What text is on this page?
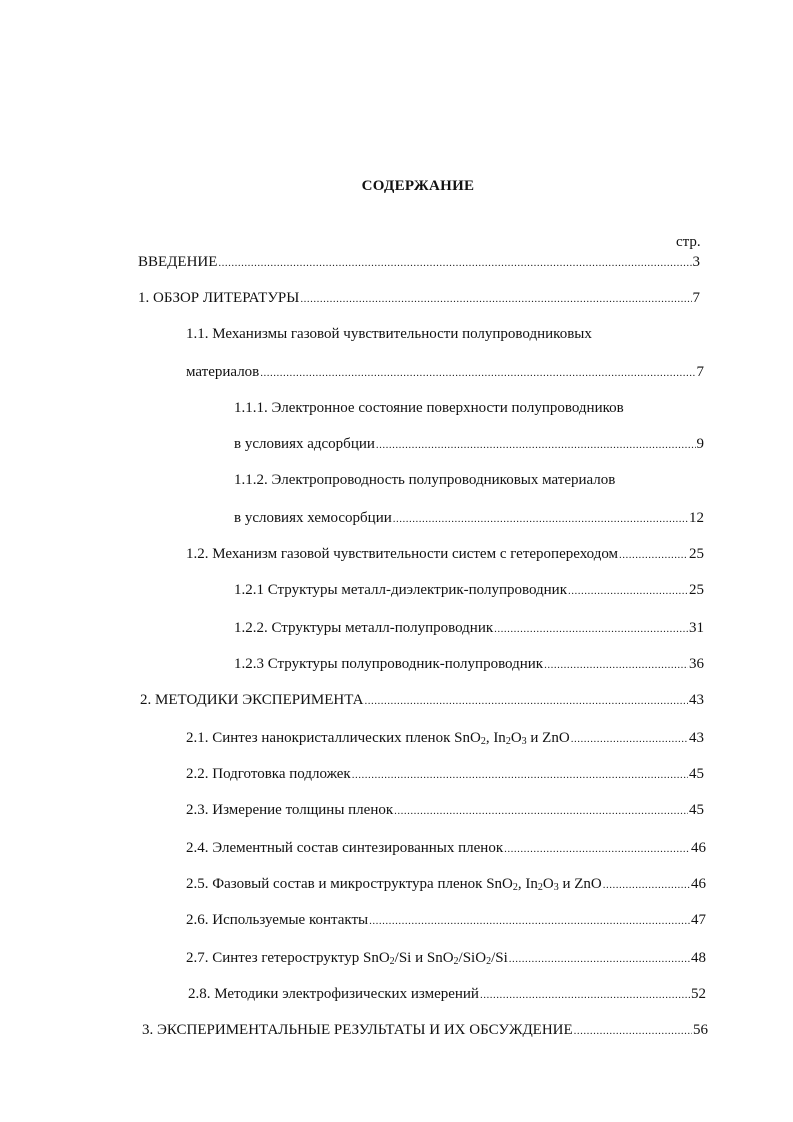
СОДЕРЖАНИЕ
стр.
ВВЕДЕНИЕ .....	3
1. ОБЗОР ЛИТЕРАТУРЫ .....	7
1.1. Механизмы газовой чувствительности полупроводниковых
материалов .....	7
1.1.1. Электронное состояние поверхности полупроводников
в условиях адсорбции .....	9
1.1.2. Электропроводность полупроводниковых материалов
в условиях хемосорбции .....	12
1.2. Механизм газовой чувствительности систем с гетеропереходом .....	25
1.2.1 Структуры металл-диэлектрик-полупроводник .....	25
1.2.2. Структуры металл-полупроводник .....	31
1.2.3 Структуры полупроводник-полупроводник .....	36
2. МЕТОДИКИ ЭКСПЕРИМЕНТА .....	43
2.1. Синтез нанокристаллических пленок SnO$_2$, $In_2O_3$ и ZnO .....	43
2.2. Подготовка подложек .....	45
2.3. Измерение толщины пленок .....	45
2.4. Элементный состав синтезированных пленок .....	46
2.5. Фазовый состав и микроструктура пленок SnO$_2$, $In_2O_3$ и ZnO .....	46
2.6. Используемые контакты .....	47
2.7. Синтез гетероструктур SnO$_2$/Si и SnO$_2$/SiO$_2$/Si .....	48
2.8. Методики электрофизических измерений .....	52
3. ЭКСПЕРИМЕНТАЛЬНЫЕ РЕЗУЛЬТАТЫ И ИХ ОБСУЖДЕНИЕ .....	56
